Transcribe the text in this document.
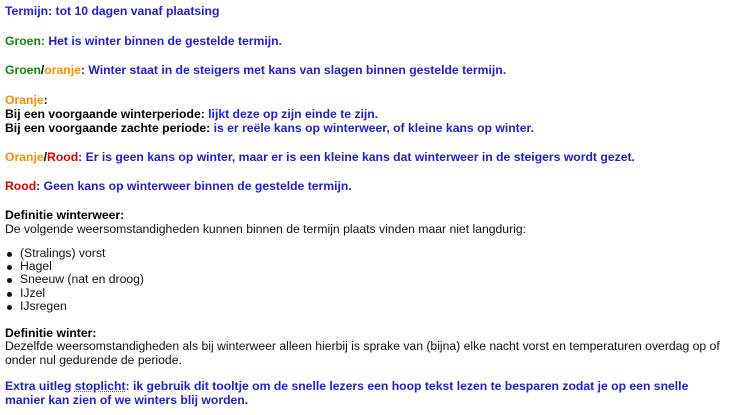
Termijn: tot 10 dagen vanaf plaatsing
Groen: Het is winter binnen de gestelde termijn.
Groen/oranje: Winter staat in de steigers met kans van slagen binnen gestelde termijn.
Oranje:
Bij een voorgaande winterperiode: lijkt deze op zijn einde te zijn.
Bij een voorgaande zachte periode: is er reële kans op winterweer, of kleine kans op winter.
Oranje/Rood: Er is geen kans op winter, maar er is een kleine kans dat winterweer in de steigers wordt gezet.
Rood: Geen kans op winterweer binnen de gestelde termijn.
Definitie winterweer:
De volgende weersomstandigheden kunnen binnen de termijn plaats vinden maar niet langdurig:
(Stralings) vorst
Hagel
Sneeuw (nat en droog)
IJzel
IJsregen
Definitie winter:
Dezelfde weersomstandigheden als bij winterweer alleen hierbij is sprake van (bijna) elke nacht vorst en temperaturen overdag op of onder nul gedurende de periode.
Extra uitleg stoplicht: ik gebruik dit tooltje om de snelle lezers een hoop tekst lezen te besparen zodat je op een snelle manier kan zien of we winters blij worden.
